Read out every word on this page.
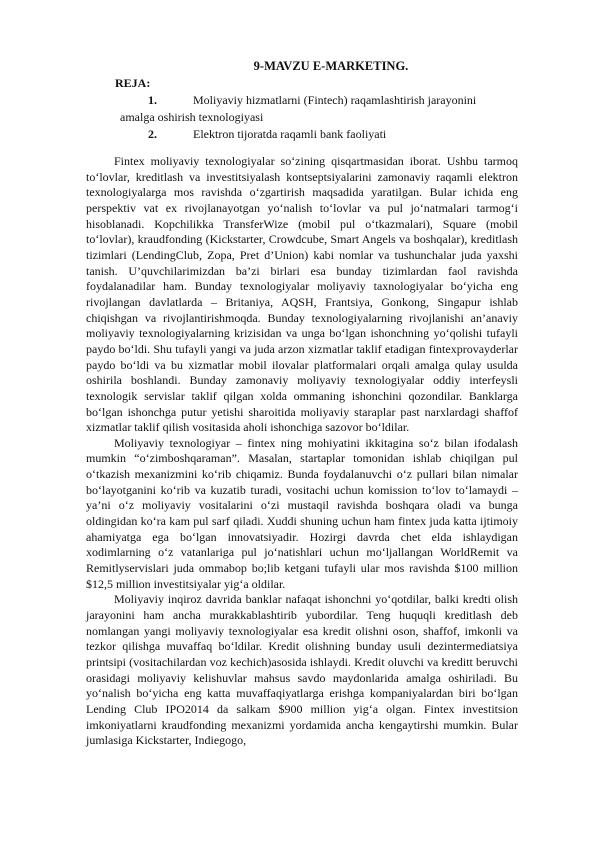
9-MAVZU E-MARKETING.
REJA:
1.	Moliyaviy hizmatlarni (Fintech) raqamlashtirish jarayonini
amalga oshirish texnologiyasi
2.	Elektron tijoratda raqamli bank faoliyati

Fintex moliyaviy texnologiyalar so‘zining qisqartmasidan iborat. Ushbu tarmoq to‘lovlar, kreditlash va investitsiyalash kontseptsiyalarini zamonaviy raqamli elektron texnologiyalarga mos ravishda o‘zgartirish maqsadida yaratilgan. Bular ichida eng perspektiv vat ex rivojlanayotgan yo‘nalish to‘lovlar va pul jo‘natmalari tarmog‘i hisoblanadi. Kopchilikka TransferWize (mobil pul o‘tkazmalari), Square (mobil to‘lovlar), kraudfonding (Kickstarter, Crowdcube, Smart Angels va boshqalar), kreditlash tizimlari (LendingClub, Zopa, Pret d’Union) kabi nomlar va tushunchalar juda yaxshi tanish. U’quvchilarimizdan ba’zi birlari esa bunday tizimlardan faol ravishda foydalanadilar ham. Bunday texnologiyalar moliyaviy taxnologiyalar bo‘yicha eng rivojlangan davlatlarda – Britaniya, AQSH, Frantsiya, Gonkong, Singapur ishlab chiqishgan va rivojlantirishmoqda. Bunday texnologiyalarning rivojlanishi an’anaviy moliyaviy texnologiyalarning krizisidan va unga bo‘lgan ishonchning yo‘qolishi tufayli paydo bo‘ldi. Shu tufayli yangi va juda arzon xizmatlar taklif etadigan fintexprovayderlar paydo bo‘ldi va bu xizmatlar mobil ilovalar platformalari orqali amalga qulay usulda oshirila boshlandi. Bunday zamonaviy moliyaviy texnologiyalar oddiy interfeysli texnologik servislar taklif qilgan xolda ommaning ishonchini qozondilar. Banklarga bo‘lgan ishonchga putur yetishi sharoitida moliyaviy staraplar past narxlardagi shaffof xizmatlar taklif qilish vositasida aholi ishonchiga sazovor bo‘ldilar.

Moliyaviy texnologiyar – fintex ning mohiyatini ikkitagina so‘z bilan ifodalash mumkin “o‘zimboshqaraman”. Masalan, startaplar tomonidan ishlab chiqilgan pul o‘tkazish mexanizmini ko‘rib chiqamiz. Bunda foydalanuvchi o‘z pullari bilan nimalar bo‘layotganini ko‘rib va kuzatib turadi, vositachi uchun komission to‘lov to‘lamaydi – ya’ni o‘z moliyaviy vositalarini o‘zi mustaqil ravishda boshqara oladi va bunga oldingidan ko‘ra kam pul sarf qiladi. Xuddi shuning uchun ham fintex juda katta ijtimoiy ahamiyatga ega bo‘lgan innovatsiyadir. Hozirgi davrda chet elda ishlaydigan xodimlarning o‘z vatanlariga pul jo‘natishlari uchun mo‘ljallangan WorldRemit va Remitlyservislari juda ommabop bo;lib ketgani tufayli ular mos ravishda $100 million $12,5 million investitsiyalar yig‘a oldilar.

Moliyaviy inqiroz davrida banklar nafaqat ishonchni yo‘qotdilar, balki kredti olish jarayonini ham ancha murakkablashtirib yubordilar. Teng huquqli kreditlash deb nomlangan yangi moliyaviy texnologiyalar esa kredit olishni oson, shaffof, imkonli va tezkor qilishga muvaffaq bo‘ldilar. Kredit olishning bunday usuli dezintermediatsiya printsipi (vositachilardan voz kechich)asosida ishlaydi. Kredit oluvchi va kreditt beruvchi orasidagi moliyaviy kelishuvlar mahsus savdo maydonlarida amalga oshiriladi. Bu yo‘nalish bo‘yicha eng katta muvaffaqiyatlarga erishga kompaniyalardan biri bo‘lgan Lending Club IPO2014 da salkam $900 million yig‘a olgan. Fintex investitsion imkoniyatlarni kraudfonding mexanizmi yordamida ancha kengaytirshi mumkin. Bular jumlasiga Kickstarter, Indiegogo,
